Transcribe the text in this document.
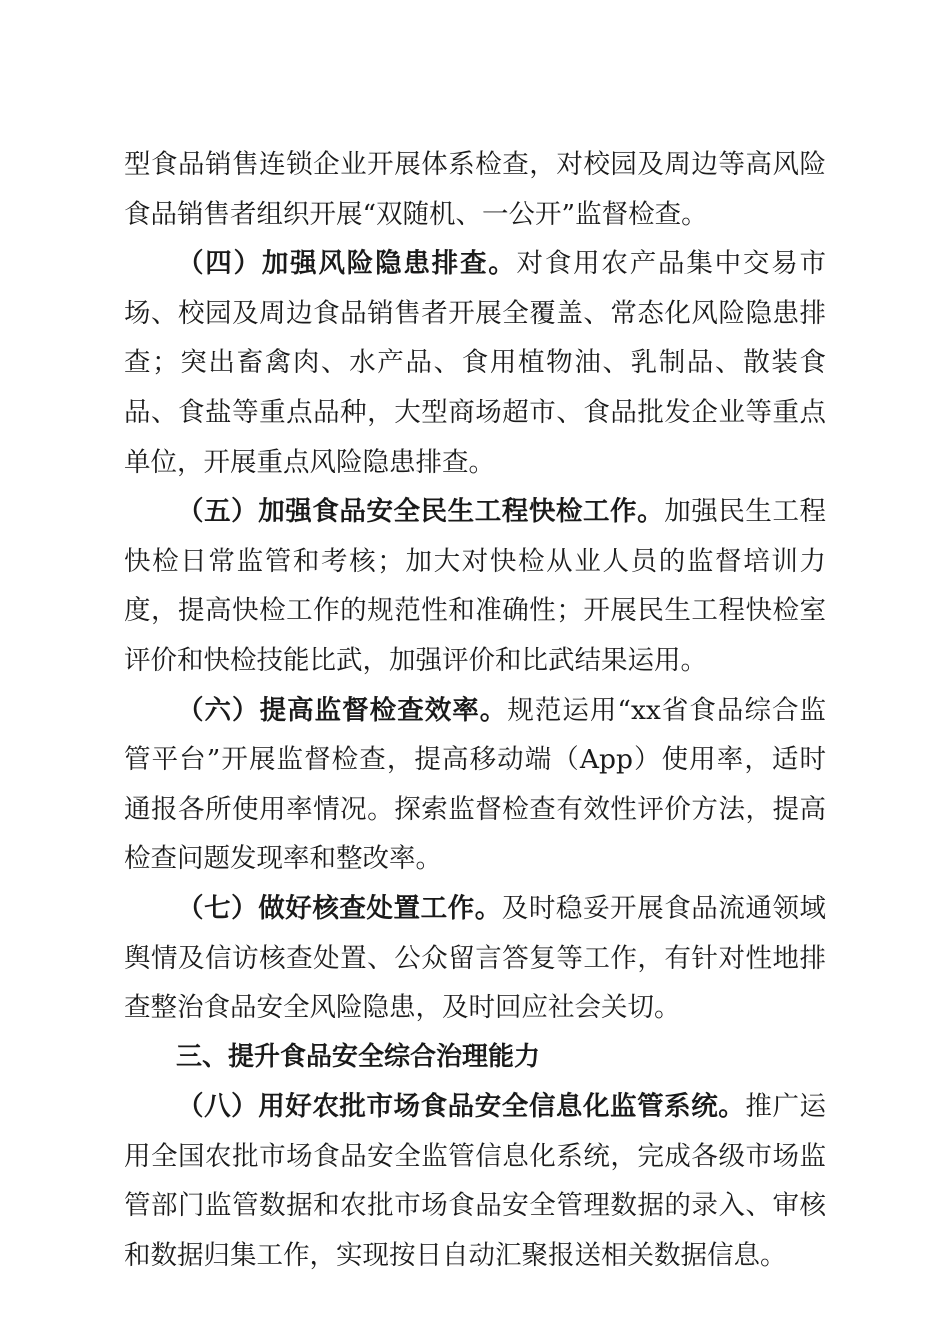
型食品销售连锁企业开展体系检查，对校园及周边等高风险食品销售者组织开展“双随机、一公开”监督检查。

（四）加强风险隐患排查。对食用农产品集中交易市场、校园及周边食品销售者开展全覆盖、常态化风险隐患排查；突出畜禽肉、水产品、食用植物油、乳制品、散装食品、食盐等重点品种，大型商场超市、食品批发企业等重点单位，开展重点风险隐患排查。

（五）加强食品安全民生工程快检工作。加强民生工程快检日常监管和考核；加大对快检从业人员的监督培训力度，提高快检工作的规范性和准确性；开展民生工程快检室评价和快检技能比武，加强评价和比武结果运用。

（六）提高监督检查效率。规范运用“xx省食品综合监管平台”开展监督检查，提高移动端（App）使用率，适时通报各所使用率情况。探索监督检查有效性评价方法，提高检查问题发现率和整改率。

（七）做好核查处置工作。及时稳妥开展食品流通领域舆情及信访核查处置、公众留言答复等工作，有针对性地排查整治食品安全风险隐患，及时回应社会关切。

三、提升食品安全综合治理能力

（八）用好农批市场食品安全信息化监管系统。推广运用全国农批市场食品安全监管信息化系统，完成各级市场监管部门监管数据和农批市场食品安全管理数据的录入、审核和数据归集工作，实现按日自动汇聚报送相关数据信息。
